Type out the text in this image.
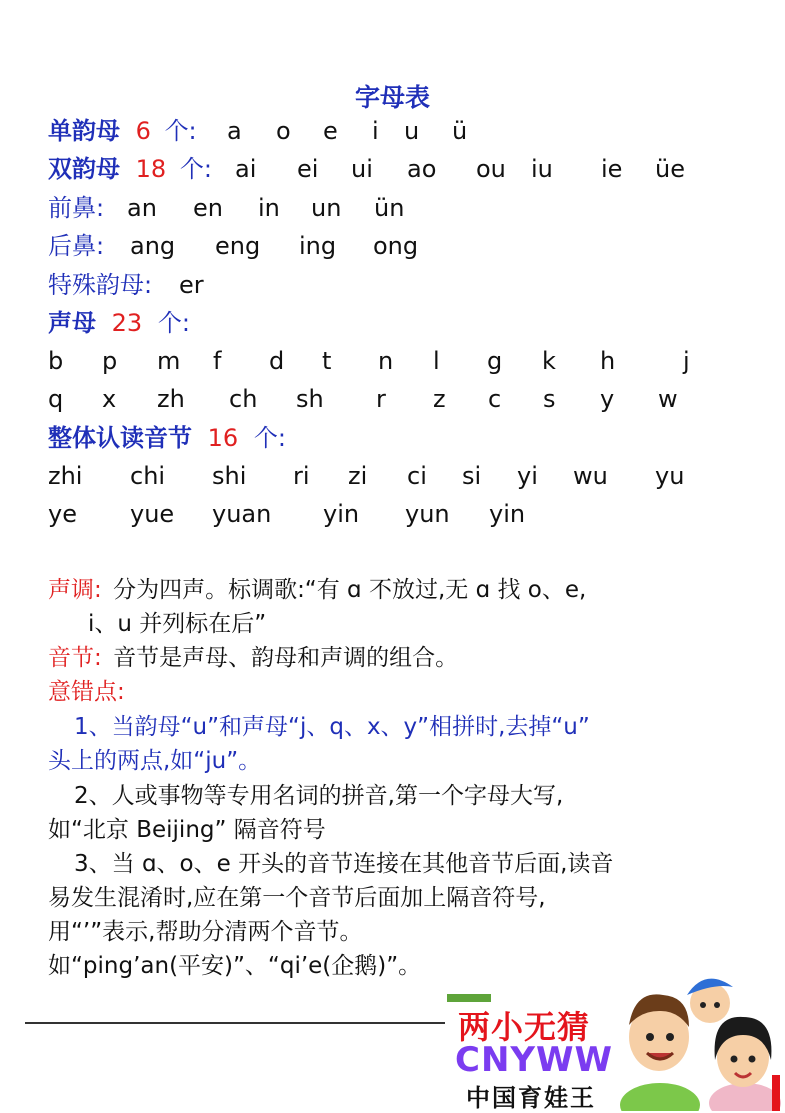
字母表
单韵母 6 个:
双韵母 18 个:
前鼻:
后鼻:
特殊韵母:
声母 23 个:
b p m f d t n l g k h	j
q x zh ch sh r z c s y w
整体认读音节 16 个:
zhi chi shi ri zi ci si yi wu yu
ye yue yuan yin yun yin
a o e i u ü
ai ei ui ao ou iu ie üe
an en in un ün
ang eng ing ong
er
声调: 分为四声。标调歌:“有 ɑ 不放过,无 ɑ 找 o、e,
i、u 并列标在后”
音节: 音节是声母、韵母和声调的组合。
意错点:
1、当韵母“u”和声母“j、q、x、y”相拼时,去掉“u”
头上的两点,如“ju”。
2、人或事物等专用名词的拼音,第一个字母大写,
如“北京 Beijing” 隔音符号
3、当 ɑ、o、e 开头的音节连接在其他音节后面,读音
易发生混淆时,应在第一个音节后面加上隔音符号,
用“’”表示,帮助分清两个音节。
如“ping’an(平安)”、“qi’e(企鹅)”。
两小无猜
CNYWW
中国育娃王
